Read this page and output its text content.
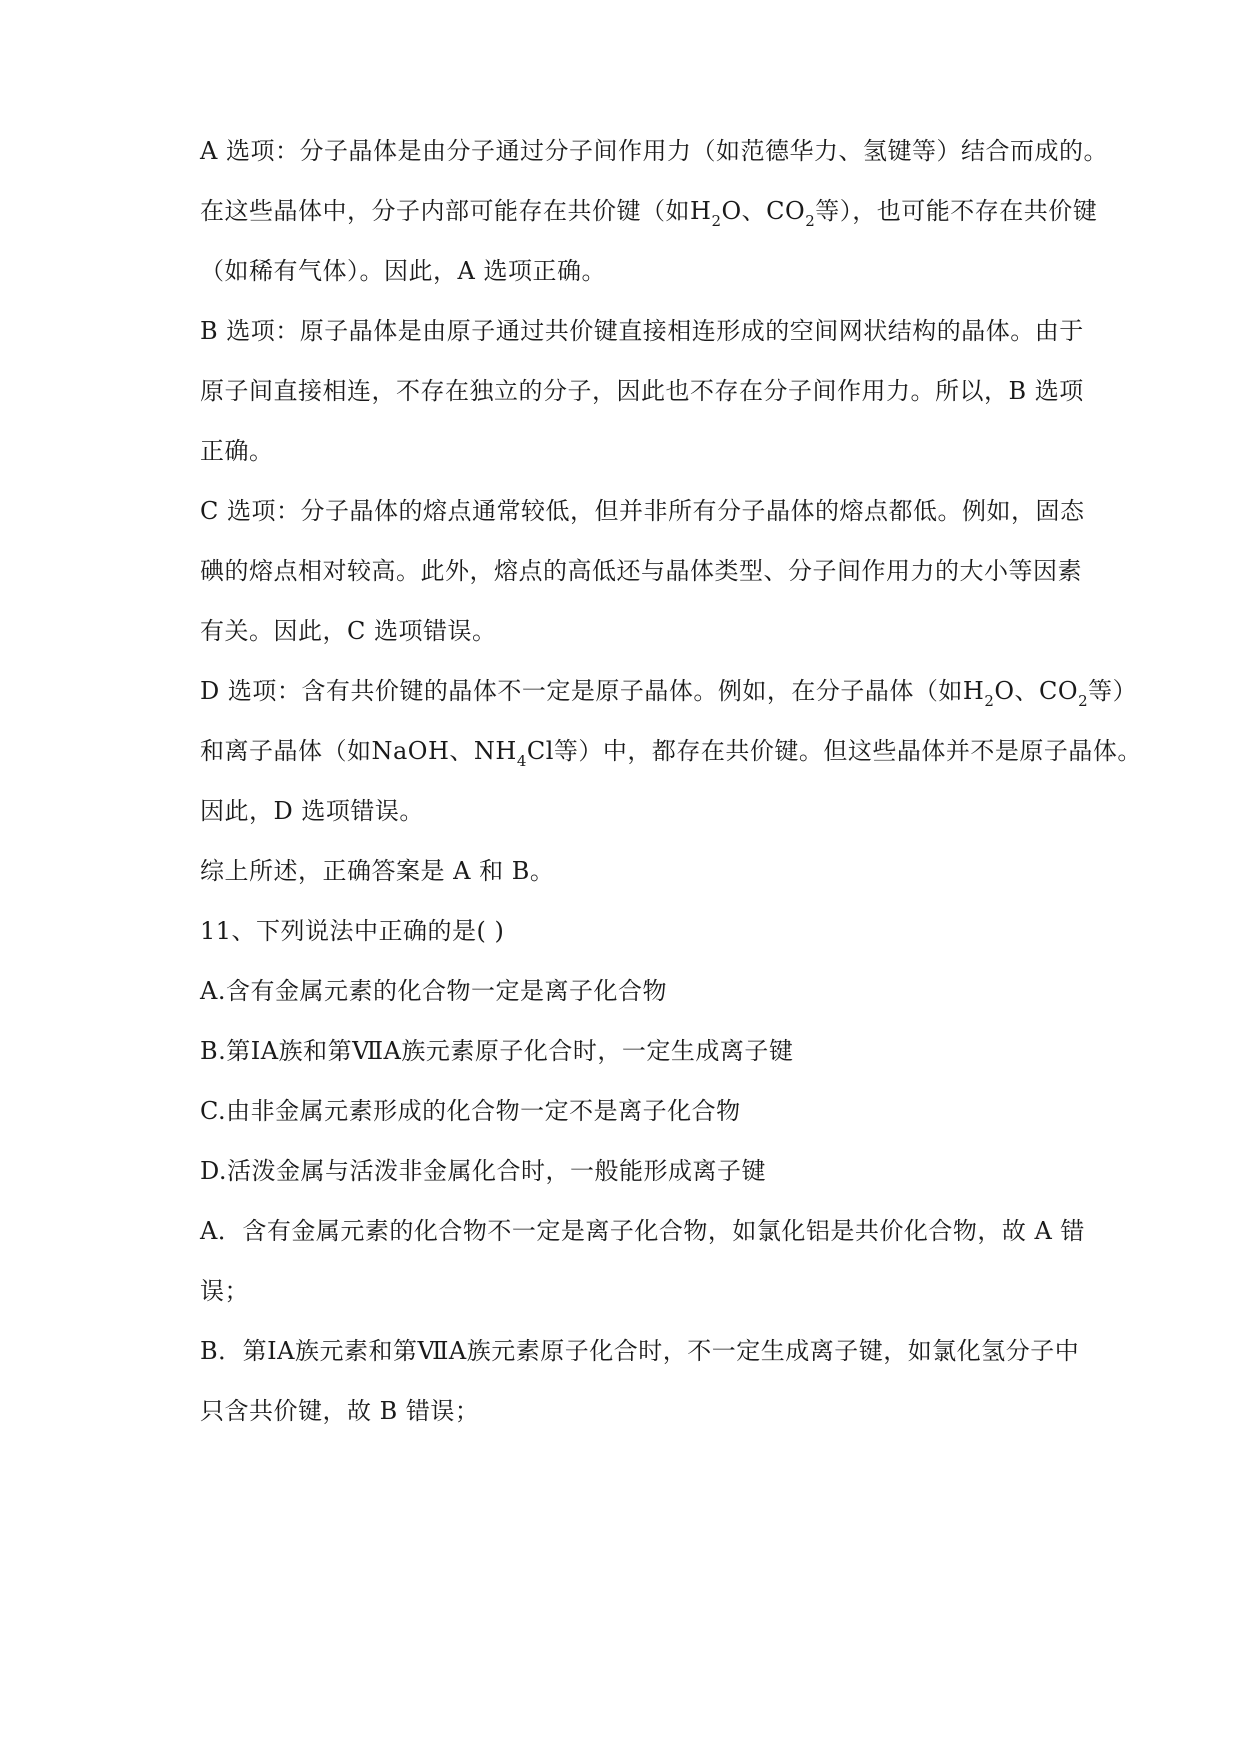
A 选项：分子晶体是由分子通过分子间作用力（如范德华力、氢键等）结合而成的。
在这些晶体中，分子内部可能存在共价键（如$H_2O$、$CO_2$等），也可能不存在共价键
（如稀有气体）。因此，A 选项正确。
B 选项：原子晶体是由原子通过共价键直接相连形成的空间网状结构的晶体。由于
原子间直接相连，不存在独立的分子，因此也不存在分子间作用力。所以，B 选项
正确。
C 选项：分子晶体的熔点通常较低，但并非所有分子晶体的熔点都低。例如，固态
碘的熔点相对较高。此外，熔点的高低还与晶体类型、分子间作用力的大小等因素
有关。因此，C 选项错误。
D 选项：含有共价键的晶体不一定是原子晶体。例如，在分子晶体（如$H_2O$、$CO_2$等）
和离子晶体（如NaOH、$NH_4Cl$等）中，都存在共价键。但这些晶体并不是原子晶体。
因此，D 选项错误。
综上所述，正确答案是 A 和 B。
11、下列说法中正确的是( )
A.含有金属元素的化合物一定是离子化合物
B.第ⅠA族和第ⅦA族元素原子化合时，一定生成离子键
C.由非金属元素形成的化合物一定不是离子化合物
D.活泼金属与活泼非金属化合时，一般能形成离子键
A．含有金属元素的化合物不一定是离子化合物，如氯化铝是共价化合物，故 A 错
误；
B．第ⅠA族元素和第ⅦA族元素原子化合时，不一定生成离子键，如氯化氢分子中
只含共价键，故 B 错误；
